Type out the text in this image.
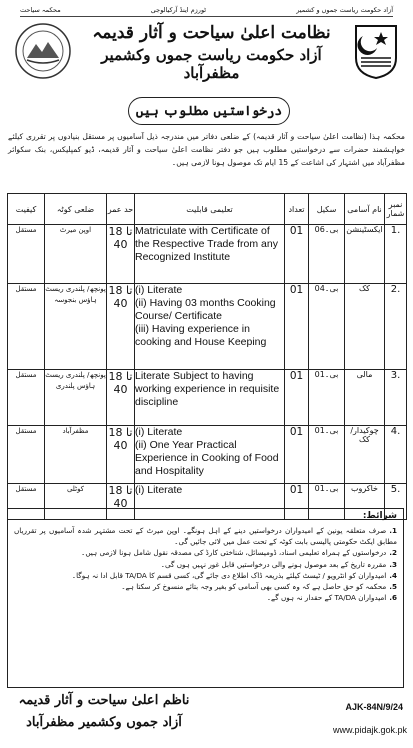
آزاد حکومت ریاست جموں و کشمیر
ٹورزم اینڈ آرکیالوجی
محکمہ سیاحت
نظامت اعلیٰ سیاحت و آثار قدیمہ
آزاد حکومت ریاست جموں وکشمیر مظفرآباد
درخواستیں مطلوب ہیں
محکمہ ہذا (نظامت اعلیٰ سیاحت و آثار قدیمہ) کے ضلعی دفاتر میں مندرجہ ذیل آسامیوں پر مستقل بنیادوں پر تقرری کیلئے خواہشمند حضرات سے درخواستیں مطلوب ہیں جو دفتر نظامت اعلیٰ سیاحت و آثار قدیمہ، ڈیو کمپلیکس، بنک سکوائر مظفرآباد میں اشتہار کی اشاعت کے 15 ایام تک موصول ہونا لازمی ہیں۔
کیفیت	ضلعی کوٹہ	حد عمر	تعلیمی قابلیت	تعداد	سکیل	نام آسامی	نمبر شمار
مستقل	اوپن میرٹ	18 تا 40	Matriculate with Certificate of the Respective Trade from any Recognized Institute	01	بی۔06	ایکسٹینشن	1.
مستقل	پونچھ/ پلندری ریسٹ ہاؤس بنجوسہ	18 تا 40	(i) Literate
(ii) Having 03 months Cooking Course/ Certificate
(iii) Having experience in cooking and House Keeping	01	بی۔04	کک	2.
مستقل	پونچھ/ پلندری ریسٹ ہاؤس پلندری	18 تا 40	Literate Subject to having working experience in requisite discipline	01	بی۔01	مالی	3.
مستقل	مظفرآباد	18 تا 40	(i) Literate
(ii) One Year Practical Experience in Cooking of Food and Hospitality	01	بی۔01	چوکیدار/ کک	4.
مستقل	کوٹلی	18 تا 40	(i) Literate	01	بی۔01	خاکروب	5.
شرائط:
1.صرف متعلقہ یونین کے امیدواران درخواستیں دینے کے اہل ہونگے۔ اوپن میرٹ کے تحت مشتہر شدہ آسامیوں پر تقرریاں مطابق ایکٹ حکومتی پالیسی بابت کوٹہ کے تحت عمل میں لائی جائیں گی۔
2.درخواستوں کے ہمراہ تعلیمی اسناد، ڈومیسائل، شناختی کارڈ کی مصدقہ نقول شامل ہونا لازمی ہیں۔
3.مقررہ تاریخ کے بعد موصول ہونے والی درخواستیں قابل غور نہیں ہوں گی۔
4.امیدواران کو انٹرویو / ٹیسٹ کیلئے بذریعہ ڈاک اطلاع دی جائے گی، کسی قسم کا TA/DA قابل ادا نہ ہوگا۔
5.محکمہ کو حق حاصل ہے کہ وہ کسی بھی آسامی کو بغیر وجہ بتائے منسوخ کر سکتا ہے۔
6.امیدواران TA/DA کے حقدار نہ ہوں گے۔
ناظم اعلیٰ سیاحت و آثار قدیمہ
آزاد جموں وکشمیر مظفرآباد
AJK-84N/9/24
www.pidajk.gok.pk
